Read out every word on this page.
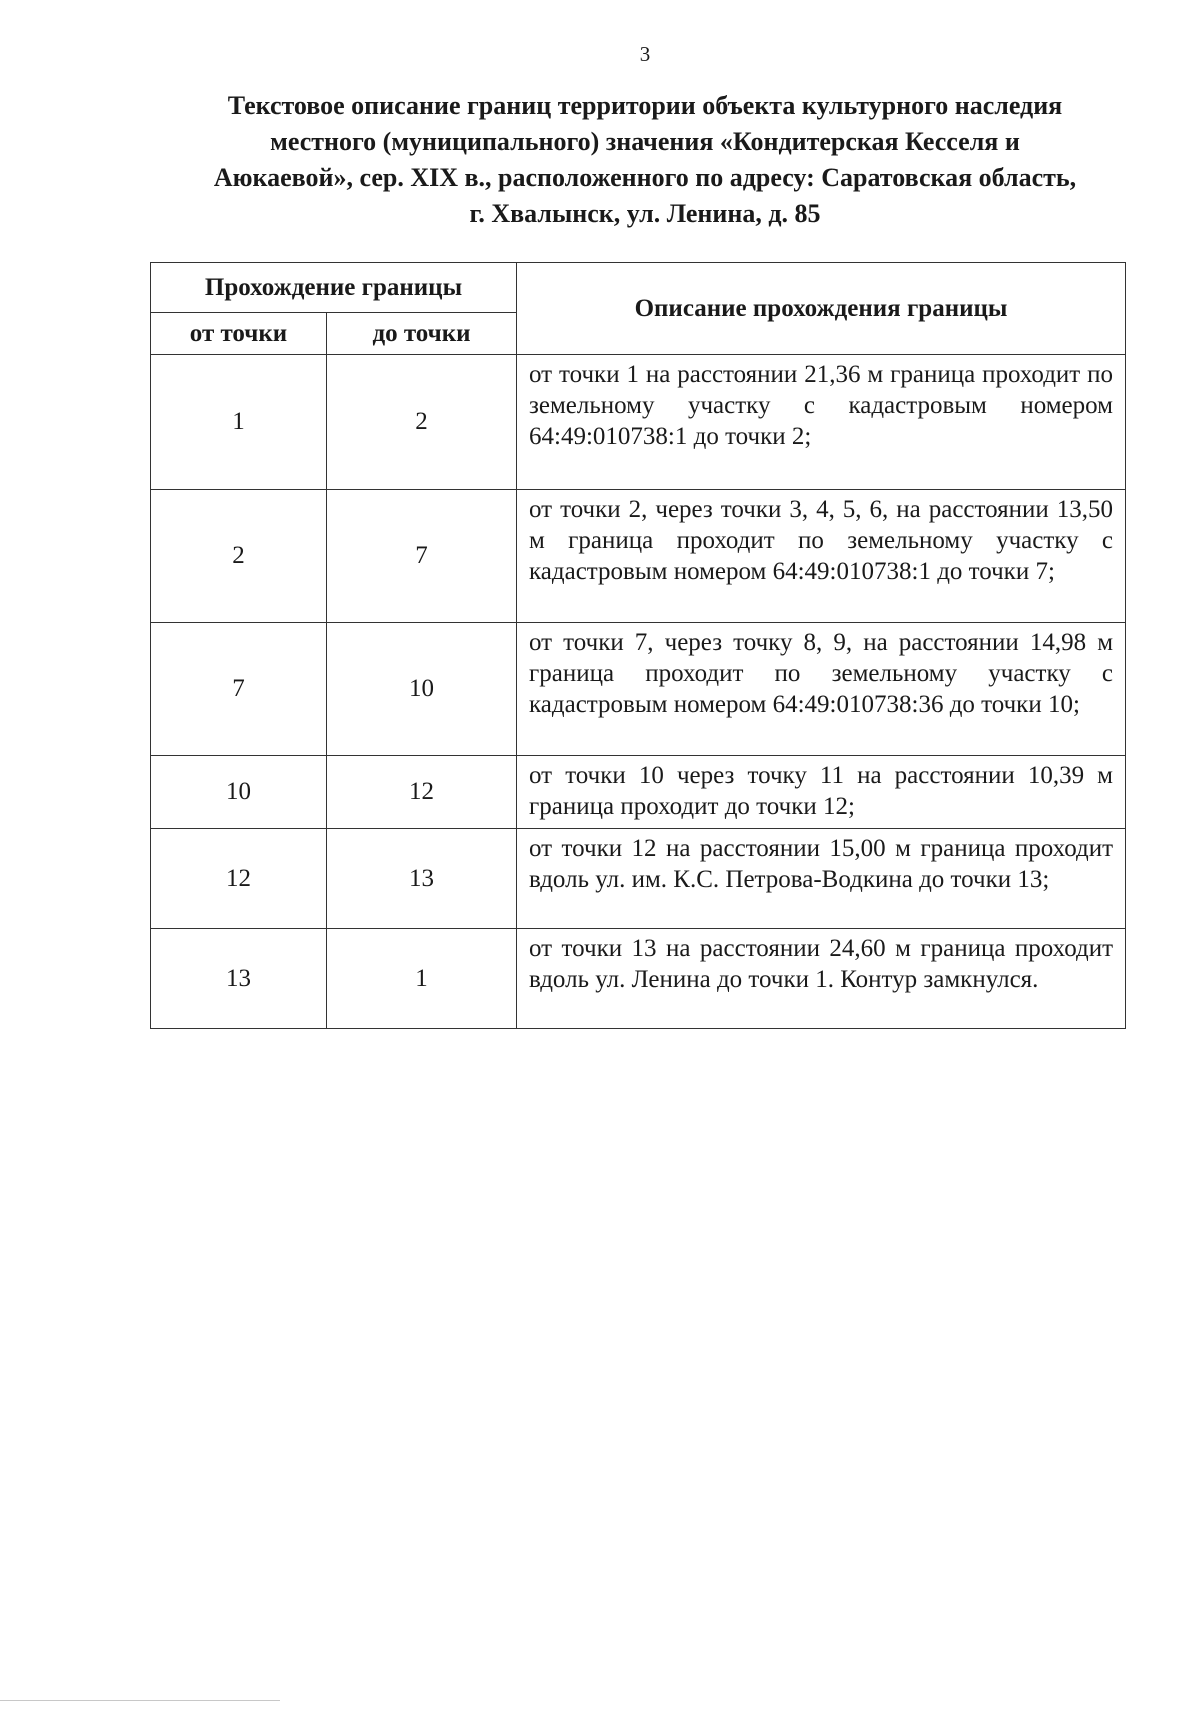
3
Текстовое описание границ территории объекта культурного наследия
местного (муниципального) значения «Кондитерская Кесселя и
Аюкаевой», сер. XIX в., расположенного по адресу: Саратовская область,
г. Хвалынск, ул. Ленина, д. 85
Прохождение границы		Описание прохождения границы
от точки	до точки	
1	2	от точки 1 на расстоянии 21,36 м граница проходит по земельному участку с кадастровым номером 64:49:010738:1 до точки 2;
2	7	от точки 2, через точки 3, 4, 5, 6, на расстоянии 13,50 м граница проходит по земельному участку с кадастровым номером 64:49:010738:1 до точки 7;
7	10	от точки 7, через точку 8, 9, на расстоянии 14,98 м граница проходит по земельному участку с кадастровым номером 64:49:010738:36 до точки 10;
10	12	от точки 10 через точку 11 на расстоянии 10,39 м граница проходит до точки 12;
12	13	от точки 12 на расстоянии 15,00 м граница проходит вдоль ул. им. К.С. Петрова-Водкина до точки 13;
13	1	от точки 13 на расстоянии 24,60 м граница проходит вдоль ул. Ленина до точки 1. Контур замкнулся.
